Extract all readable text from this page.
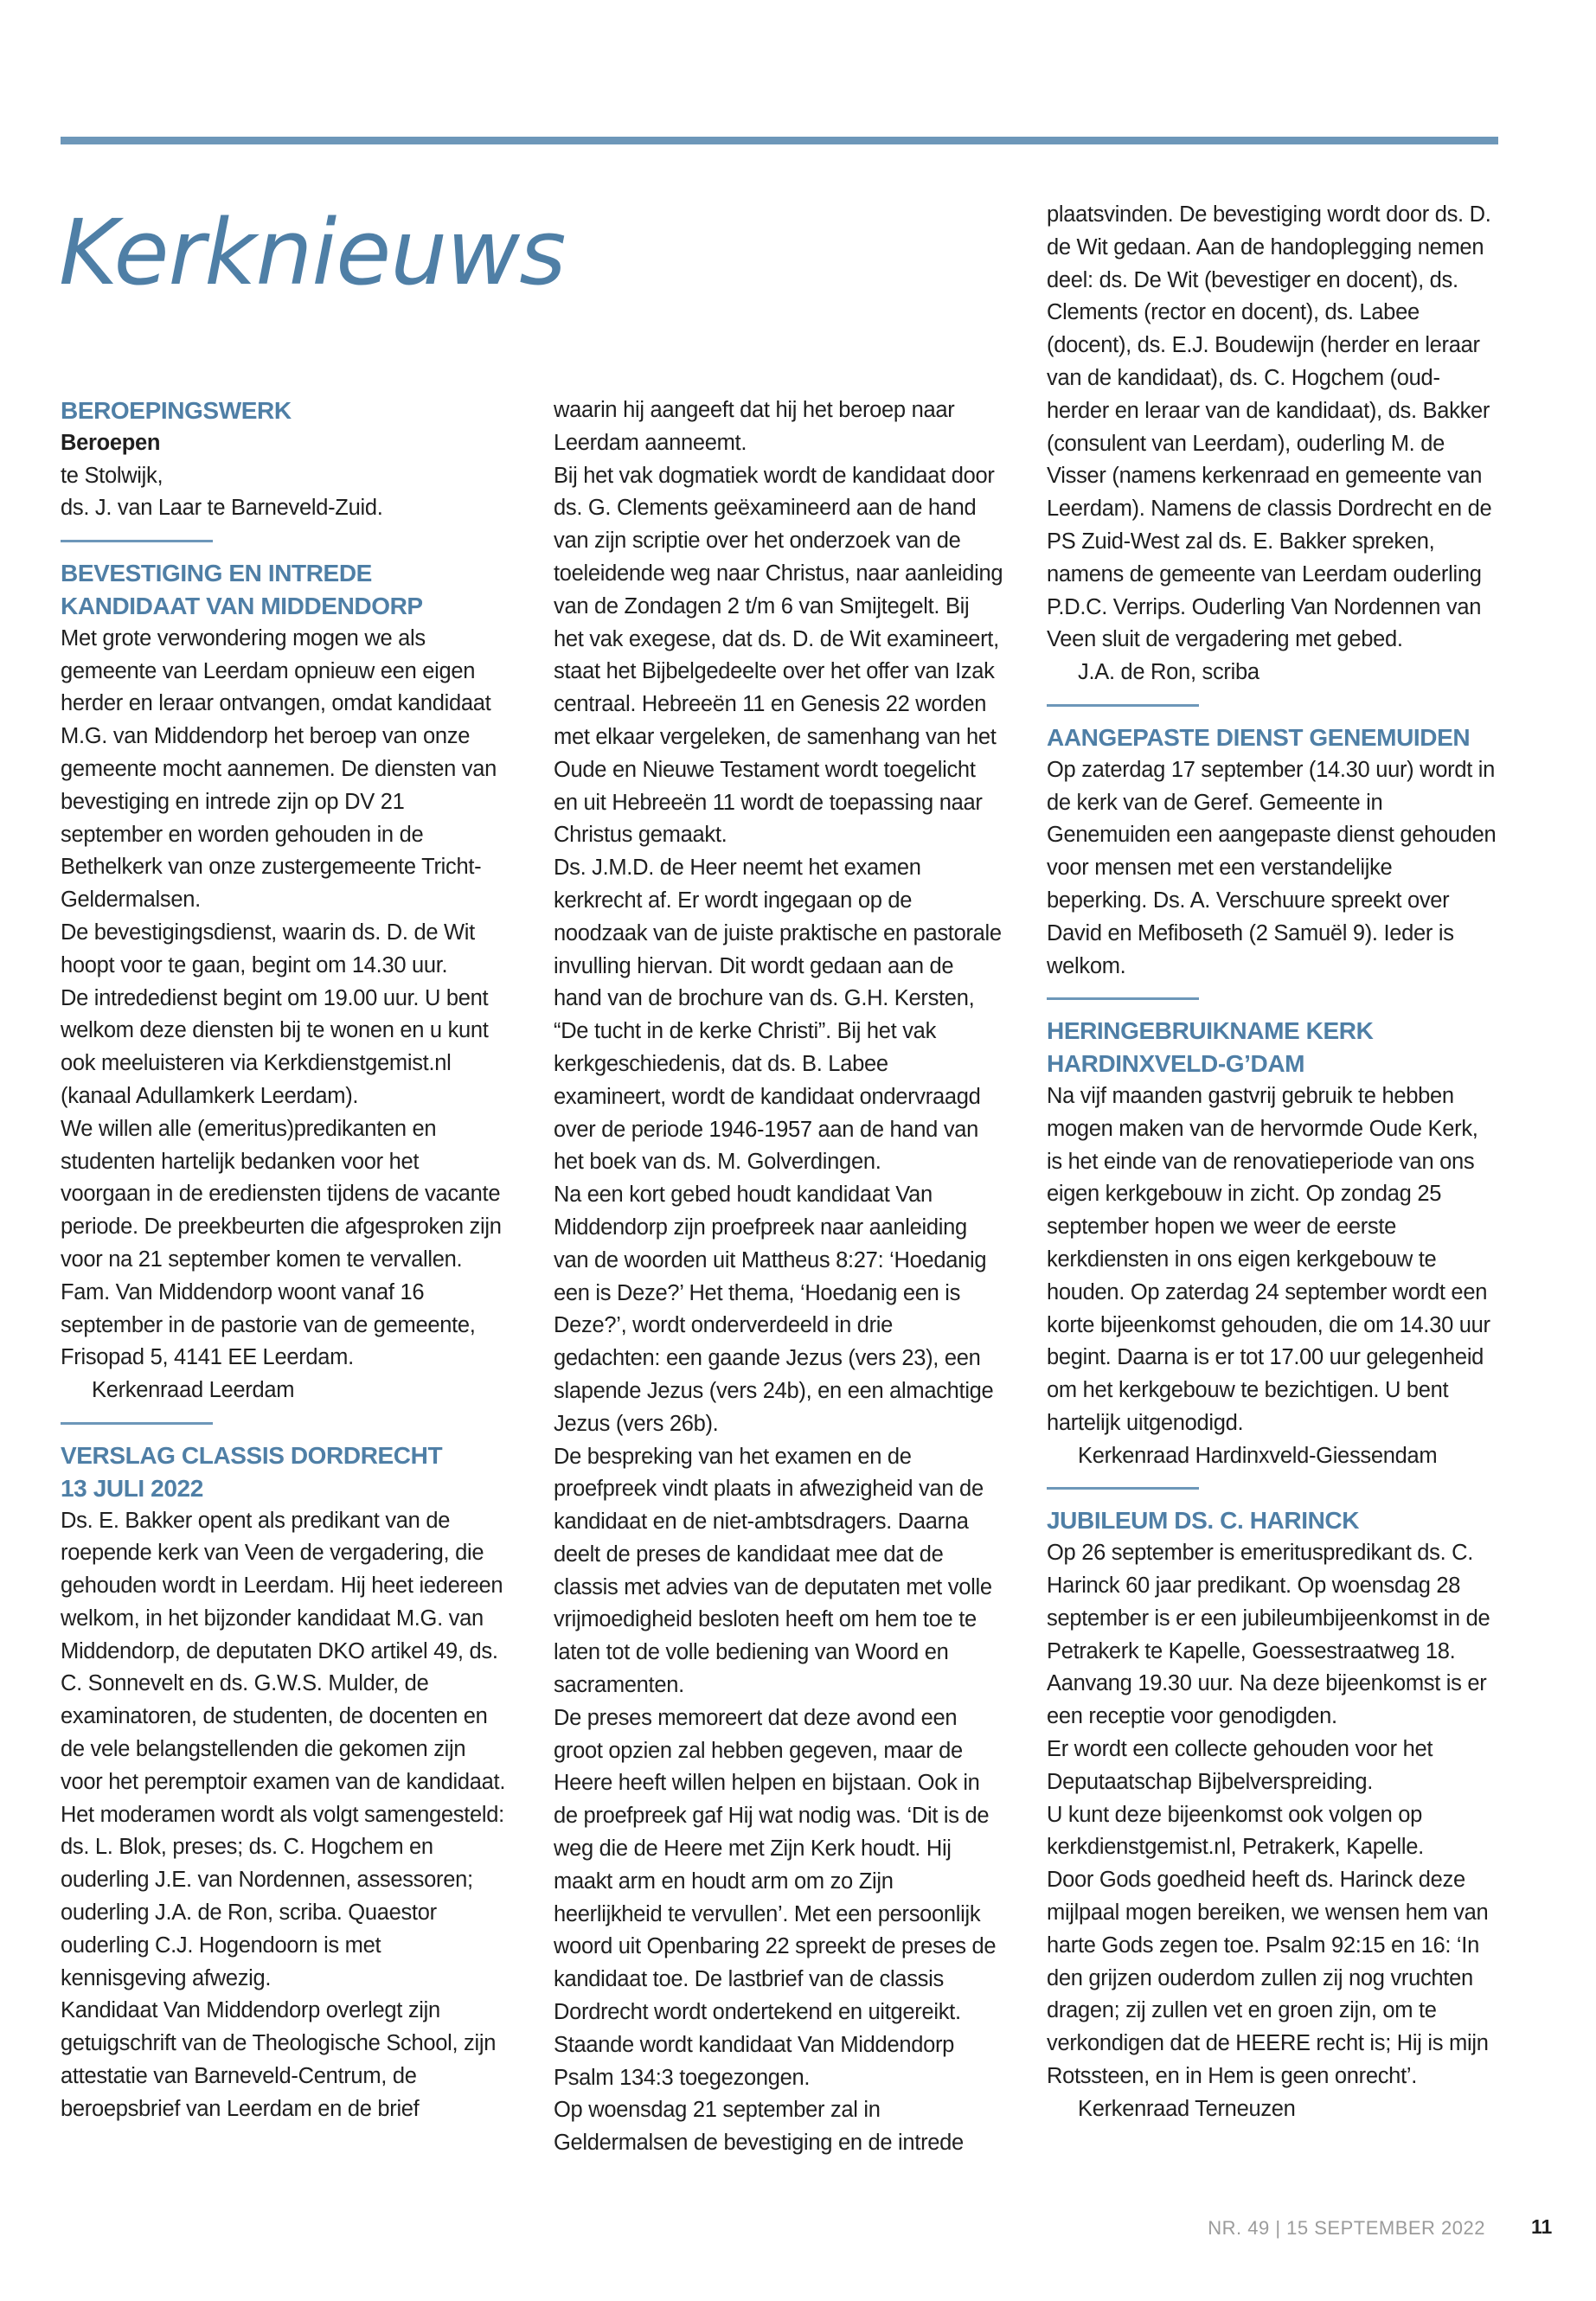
Kerknieuws

BEROEPINGSWERK

Beroepen

te Stolwijk,

ds. J. van Laar te Barneveld-Zuid.

BEVESTIGING EN INTREDE

KANDIDAAT VAN MIDDENDORP

Met grote verwondering mogen we als gemeente van Leerdam opnieuw een eigen herder en leraar ontvangen, omdat kandidaat M.G. van Middendorp het beroep van onze gemeente mocht aannemen. De diensten van bevestiging en intrede zijn op DV 21 september en worden gehouden in de Bethelkerk van onze zustergemeente Tricht-Geldermalsen.

De bevestigingsdienst, waarin ds. D. de Wit hoopt voor te gaan, begint om 14.30 uur.

De intrededienst begint om 19.00 uur. U bent welkom deze diensten bij te wonen en u kunt ook meeluisteren via Kerkdienstgemist.nl (kanaal Adullamkerk Leerdam).

We willen alle (emeritus)predikanten en studenten hartelijk bedanken voor het voorgaan in de erediensten tijdens de vacante periode. De preekbeurten die afgesproken zijn voor na 21 september komen te vervallen.

Fam. Van Middendorp woont vanaf 16 september in de pastorie van de gemeente, Frisopad 5, 4141 EE Leerdam.

Kerkenraad Leerdam

VERSLAG CLASSIS DORDRECHT

13 JULI 2022

Ds. E. Bakker opent als predikant van de roepende kerk van Veen de vergadering, die gehouden wordt in Leerdam. Hij heet iedereen welkom, in het bijzonder kandidaat M.G. van Middendorp, de deputaten DKO artikel 49, ds. C. Sonnevelt en ds. G.W.S. Mulder, de examinatoren, de studenten, de docenten en de vele belangstellenden die gekomen zijn voor het peremptoir examen van de kandidaat.

Het moderamen wordt als volgt samengesteld: ds. L. Blok, preses; ds. C. Hogchem en ouderling J.E. van Nordennen, assessoren; ouderling J.A. de Ron, scriba. Quaestor ouderling C.J. Hogendoorn is met kennisgeving afwezig.

Kandidaat Van Middendorp overlegt zijn getuigschrift van de Theologische School, zijn attestatie van Barneveld-Centrum, de beroepsbrief van Leerdam en de brief

waarin hij aangeeft dat hij het beroep naar Leerdam aanneemt.

Bij het vak dogmatiek wordt de kandidaat door ds. G. Clements geëxamineerd aan de hand van zijn scriptie over het onderzoek van de toeleidende weg naar Christus, naar aanleiding van de Zondagen 2 t/m 6 van Smijtegelt. Bij het vak exegese, dat ds. D. de Wit examineert, staat het Bijbelgedeelte over het offer van Izak centraal. Hebreeën 11 en Genesis 22 worden met elkaar vergeleken, de samenhang van het Oude en Nieuwe Testament wordt toegelicht en uit Hebreeën 11 wordt de toepassing naar Christus gemaakt.

Ds. J.M.D. de Heer neemt het examen kerkrecht af. Er wordt ingegaan op de noodzaak van de juiste praktische en pastorale invulling hiervan. Dit wordt gedaan aan de hand van de brochure van ds. G.H. Kersten, “De tucht in de kerke Christi”. Bij het vak kerkgeschiedenis, dat ds. B. Labee examineert, wordt de kandidaat ondervraagd over de periode 1946-1957 aan de hand van het boek van ds. M. Golverdingen.

Na een kort gebed houdt kandidaat Van Middendorp zijn proefpreek naar aanleiding van de woorden uit Mattheus 8:27: ‘Hoedanig een is Deze?’ Het thema, ‘Hoedanig een is Deze?’, wordt onderverdeeld in drie gedachten: een gaande Jezus (vers 23), een slapende Jezus (vers 24b), en een almachtige Jezus (vers 26b).

De bespreking van het examen en de proefpreek vindt plaats in afwezigheid van de kandidaat en de niet-ambtsdragers. Daarna deelt de preses de kandidaat mee dat de classis met advies van de deputaten met volle vrijmoedigheid besloten heeft om hem toe te laten tot de volle bediening van Woord en sacramenten.

De preses memoreert dat deze avond een groot opzien zal hebben gegeven, maar de Heere heeft willen helpen en bijstaan. Ook in de proefpreek gaf Hij wat nodig was. ‘Dit is de weg die de Heere met Zijn Kerk houdt. Hij maakt arm en houdt arm om zo Zijn heerlijkheid te vervullen’. Met een persoonlijk woord uit Openbaring 22 spreekt de preses de kandidaat toe. De lastbrief van de classis Dordrecht wordt ondertekend en uitgereikt. Staande wordt kandidaat Van Middendorp Psalm 134:3 toegezongen.

Op woensdag 21 september zal in Geldermalsen de bevestiging en de intrede

plaatsvinden. De bevestiging wordt door ds. D. de Wit gedaan. Aan de handoplegging nemen deel: ds. De Wit (bevestiger en docent), ds. Clements (rector en docent), ds. Labee (docent), ds. E.J. Boudewijn (herder en leraar van de kandidaat), ds. C. Hogchem (oud-herder en leraar van de kandidaat), ds. Bakker (consulent van Leerdam), ouderling M. de Visser (namens kerkenraad en gemeente van Leerdam). Namens de classis Dordrecht en de PS Zuid-West zal ds. E. Bakker spreken, namens de gemeente van Leerdam ouderling P.D.C. Verrips. Ouderling Van Nordennen van Veen sluit de vergadering met gebed.

J.A. de Ron, scriba

AANGEPASTE DIENST GENEMUIDEN

Op zaterdag 17 september (14.30 uur) wordt in de kerk van de Geref. Gemeente in Genemuiden een aangepaste dienst gehouden voor mensen met een verstandelijke beperking. Ds. A. Verschuure spreekt over David en Mefiboseth (2 Samuël 9). Ieder is welkom.

HERINGEBRUIKNAME KERK

HARDINXVELD-G’DAM

Na vijf maanden gastvrij gebruik te hebben mogen maken van de hervormde Oude Kerk, is het einde van de renovatieperiode van ons eigen kerkgebouw in zicht. Op zondag 25 september hopen we weer de eerste kerkdiensten in ons eigen kerkgebouw te houden. Op zaterdag 24 september wordt een korte bijeenkomst gehouden, die om 14.30 uur begint. Daarna is er tot 17.00 uur gelegenheid om het kerkgebouw te bezichtigen. U bent hartelijk uitgenodigd.

Kerkenraad Hardinxveld-Giessendam

JUBILEUM DS. C. HARINCK

Op 26 september is emerituspredikant ds. C. Harinck 60 jaar predikant. Op woensdag 28 september is er een jubileumbijeenkomst in de Petrakerk te Kapelle, Goessestraatweg 18. Aanvang 19.30 uur. Na deze bijeenkomst is er een receptie voor genodigden.

Er wordt een collecte gehouden voor het Deputaatschap Bijbelverspreiding.

U kunt deze bijeenkomst ook volgen op kerkdienstgemist.nl, Petrakerk, Kapelle.

Door Gods goedheid heeft ds. Harinck deze mijlpaal mogen bereiken, we wensen hem van harte Gods zegen toe. Psalm 92:15 en 16: ‘In den grijzen ouderdom zullen zij nog vruchten dragen; zij zullen vet en groen zijn, om te verkondigen dat de HEERE recht is; Hij is mijn Rotssteen, en in Hem is geen onrecht’.

Kerkenraad Terneuzen

NR. 49 | 15 SEPTEMBER 2022 11
